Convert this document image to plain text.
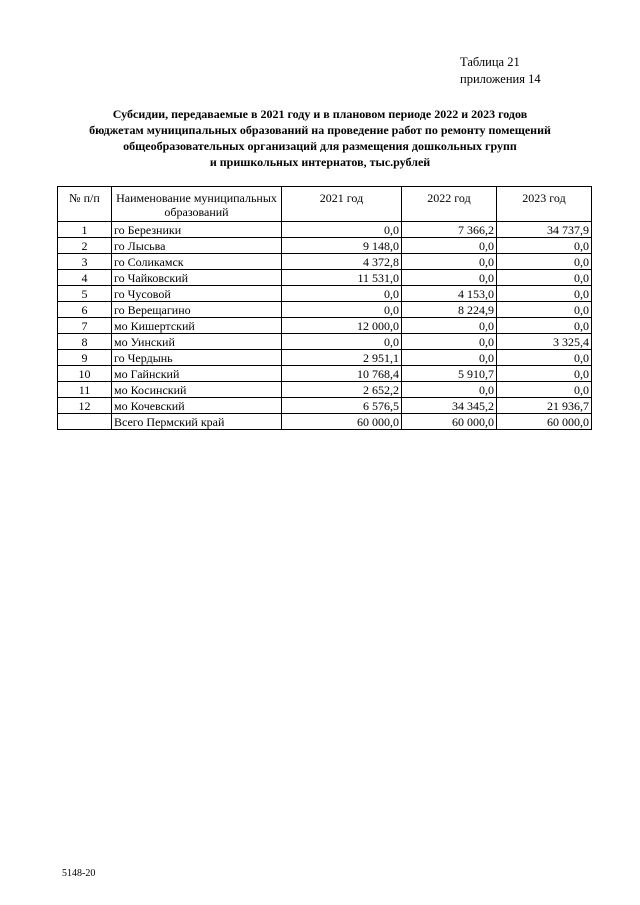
Таблица 21
приложения 14
Субсидии, передаваемые в 2021 году и в плановом периоде 2022 и 2023 годов
бюджетам муниципальных образований на проведение работ по ремонту помещений
общеобразовательных организаций для размещения дошкольных групп
и пришкольных интернатов, тыс.рублей
№ п/п	Наименование муниципальных образований	2021 год	2022 год	2023 год
1	го Березники	0,0	7 366,2	34 737,9
2	го Лысьва	9 148,0	0,0	0,0
3	го Соликамск	4 372,8	0,0	0,0
4	го Чайковский	11 531,0	0,0	0,0
5	го Чусовой	0,0	4 153,0	0,0
6	го Верещагино	0,0	8 224,9	0,0
7	мо Кишертский	12 000,0	0,0	0,0
8	мо Уинский	0,0	0,0	3 325,4
9	го Чердынь	2 951,1	0,0	0,0
10	мо Гайнский	10 768,4	5 910,7	0,0
11	мо Косинский	2 652,2	0,0	0,0
12	мо Кочевский	6 576,5	34 345,2	21 936,7
	Всего Пермский край	60 000,0	60 000,0	60 000,0
5148-20
